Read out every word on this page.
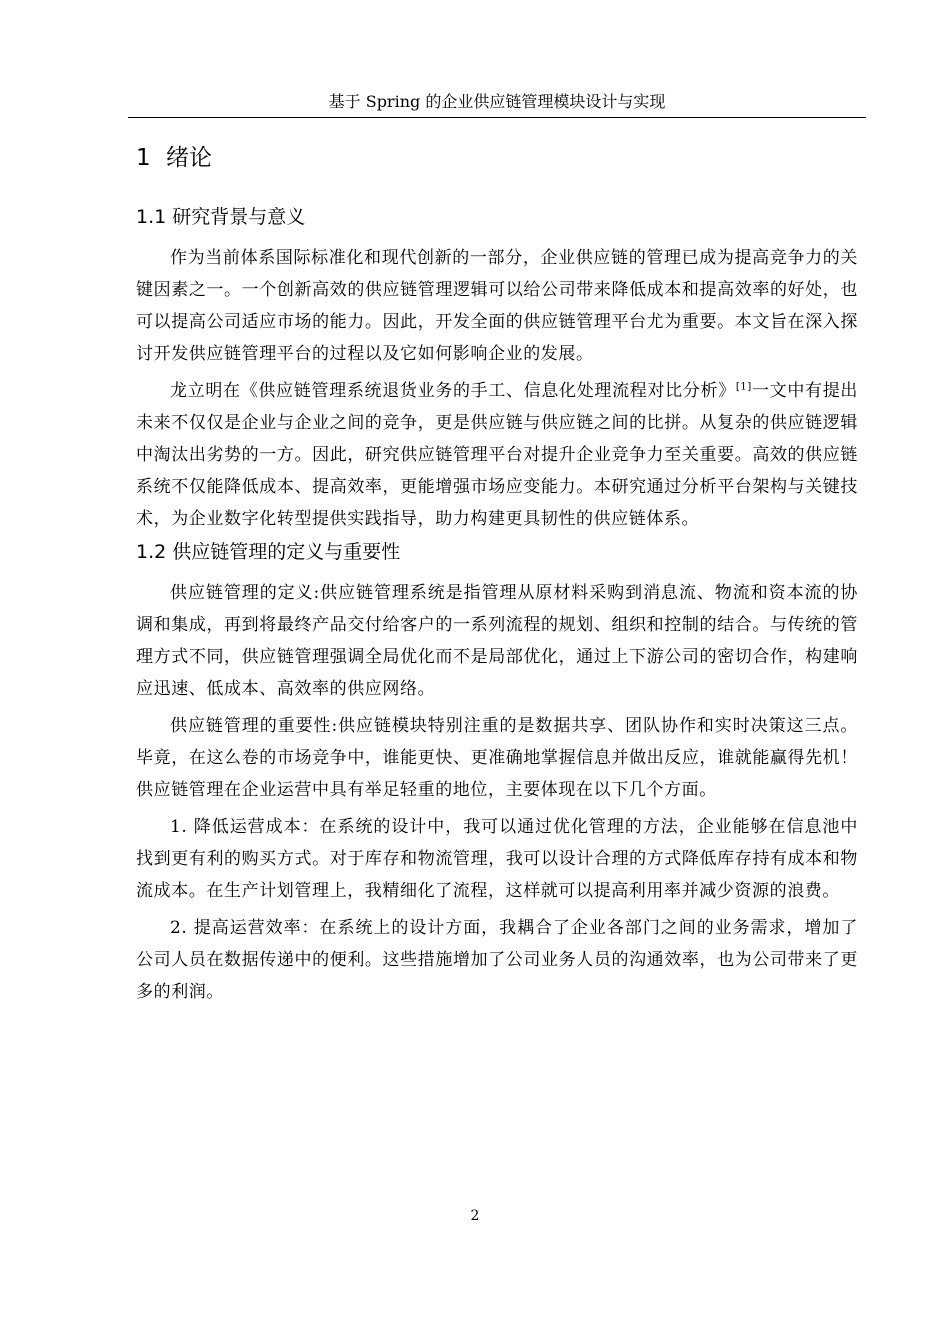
基于 Spring 的企业供应链管理模块设计与实现
1 绪论
1.1 研究背景与意义

作为当前体系国际标准化和现代创新的一部分，企业供应链的管理已成为提高竞争力的关键因素之一。一个创新高效的供应链管理逻辑可以给公司带来降低成本和提高效率的好处，也可以提高公司适应市场的能力。因此，开发全面的供应链管理平台尤为重要。本文旨在深入探讨开发供应链管理平台的过程以及它如何影响企业的发展。

龙立明在《供应链管理系统退货业务的手工、信息化处理流程对比分析》[1]一文中有提出未来不仅仅是企业与企业之间的竞争，更是供应链与供应链之间的比拼。从复杂的供应链逻辑中淘汰出劣势的一方。因此，研究供应链管理平台对提升企业竞争力至关重要。高效的供应链系统不仅能降低成本、提高效率，更能增强市场应变能力。本研究通过分析平台架构与关键技术，为企业数字化转型提供实践指导，助力构建更具韧性的供应链体系。

1.2 供应链管理的定义与重要性

供应链管理的定义:供应链管理系统是指管理从原材料采购到消息流、物流和资本流的协调和集成，再到将最终产品交付给客户的一系列流程的规划、组织和控制的结合。与传统的管理方式不同，供应链管理强调全局优化而不是局部优化，通过上下游公司的密切合作，构建响应迅速、低成本、高效率的供应网络。

供应链管理的重要性:供应链模块特别注重的是数据共享、团队协作和实时决策这三点。毕竟，在这么卷的市场竞争中，谁能更快、更准确地掌握信息并做出反应，谁就能赢得先机！供应链管理在企业运营中具有举足轻重的地位，主要体现在以下几个方面。

1. 降低运营成本：在系统的设计中，我可以通过优化管理的方法，企业能够在信息池中找到更有利的购买方式。对于库存和物流管理，我可以设计合理的方式降低库存持有成本和物流成本。在生产计划管理上，我精细化了流程，这样就可以提高利用率并减少资源的浪费。

2. 提高运营效率：在系统上的设计方面，我耦合了企业各部门之间的业务需求，增加了公司人员在数据传递中的便利。这些措施增加了公司业务人员的沟通效率，也为公司带来了更多的利润。

2
